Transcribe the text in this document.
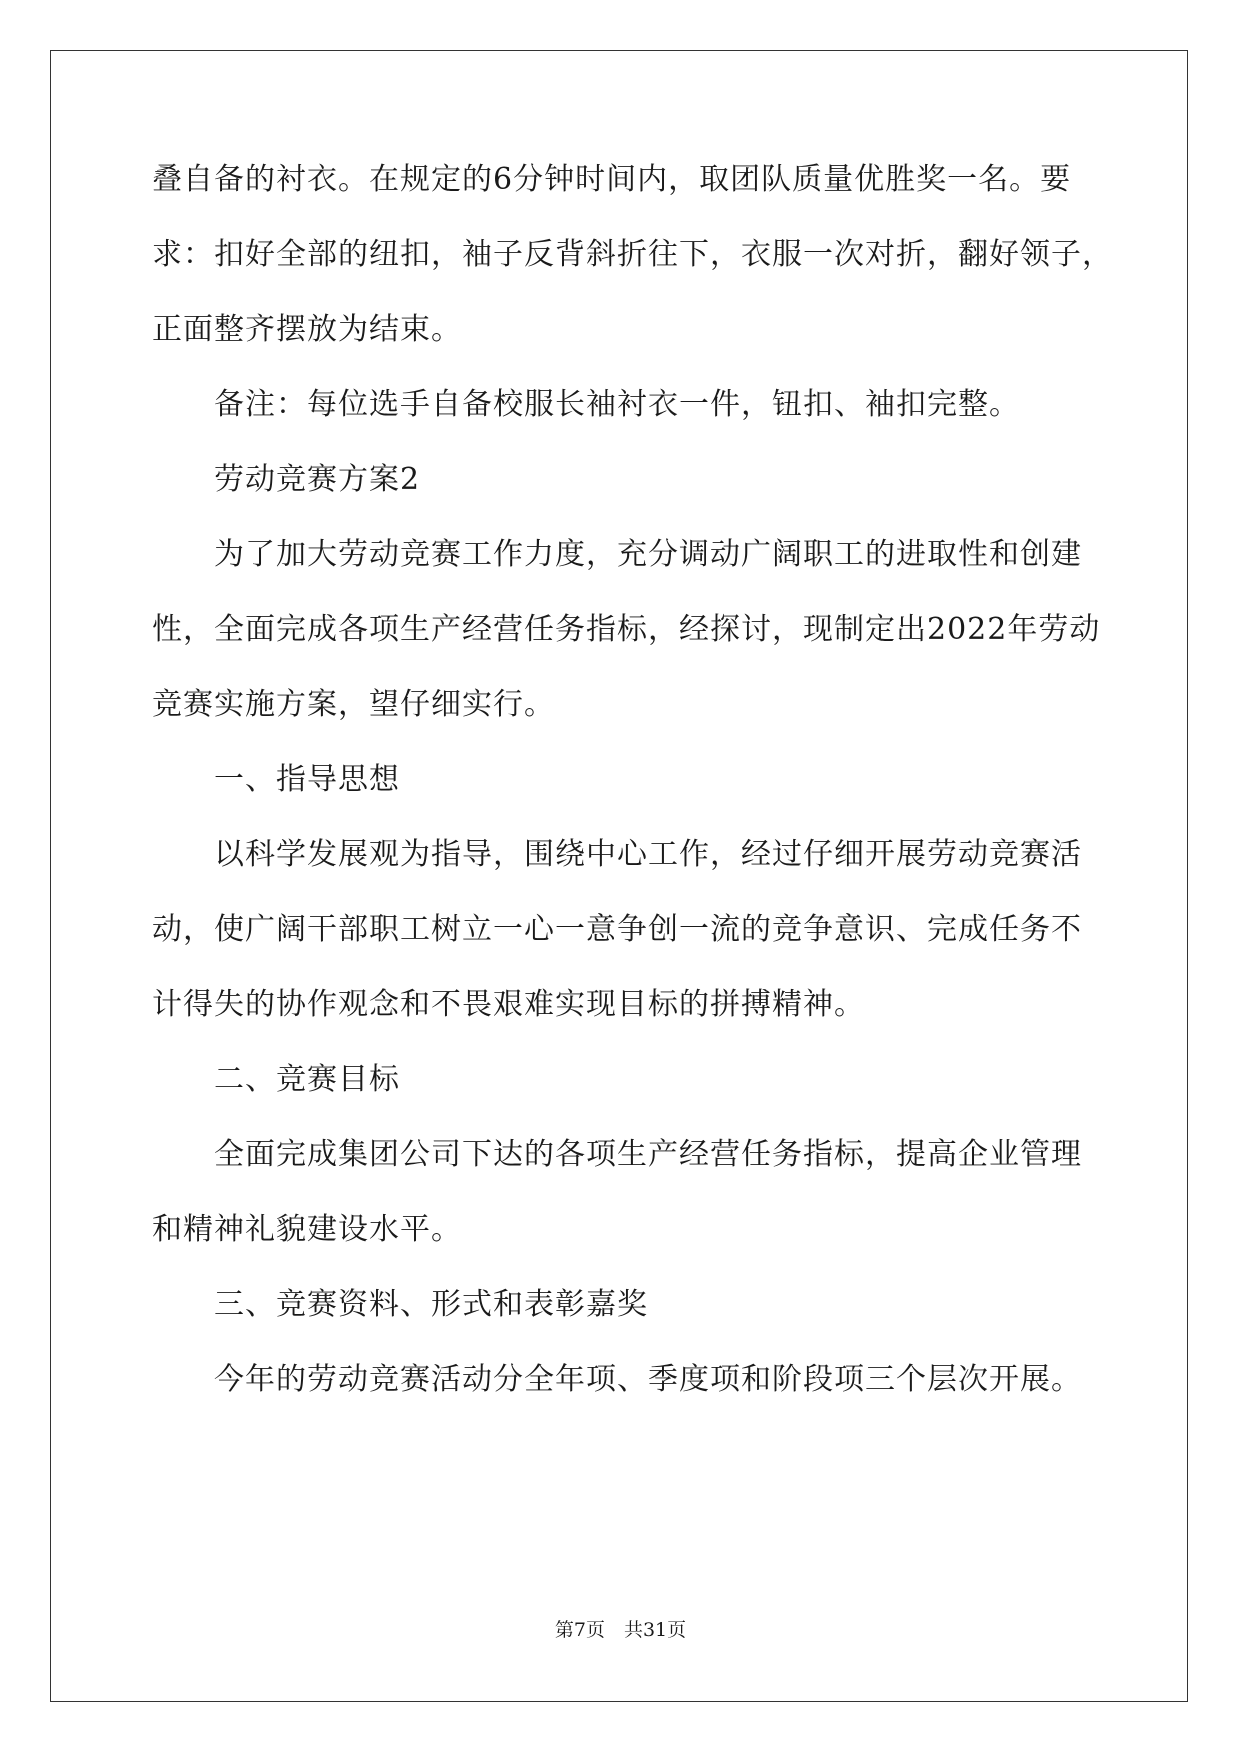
叠自备的衬衣。在规定的6分钟时间内，取团队质量优胜奖一名。要
求：扣好全部的纽扣，袖子反背斜折往下，衣服一次对折，翻好领子，
正面整齐摆放为结束。
备注：每位选手自备校服长袖衬衣一件，钮扣、袖扣完整。
劳动竞赛方案2
为了加大劳动竞赛工作力度，充分调动广阔职工的进取性和创建
性，全面完成各项生产经营任务指标，经探讨，现制定出2022年劳动
竞赛实施方案，望仔细实行。
一、指导思想
以科学发展观为指导，围绕中心工作，经过仔细开展劳动竞赛活
动，使广阔干部职工树立一心一意争创一流的竞争意识、完成任务不
计得失的协作观念和不畏艰难实现目标的拼搏精神。
二、竞赛目标
全面完成集团公司下达的各项生产经营任务指标，提高企业管理
和精神礼貌建设水平。
三、竞赛资料、形式和表彰嘉奖
今年的劳动竞赛活动分全年项、季度项和阶段项三个层次开展。
第7页　共31页
